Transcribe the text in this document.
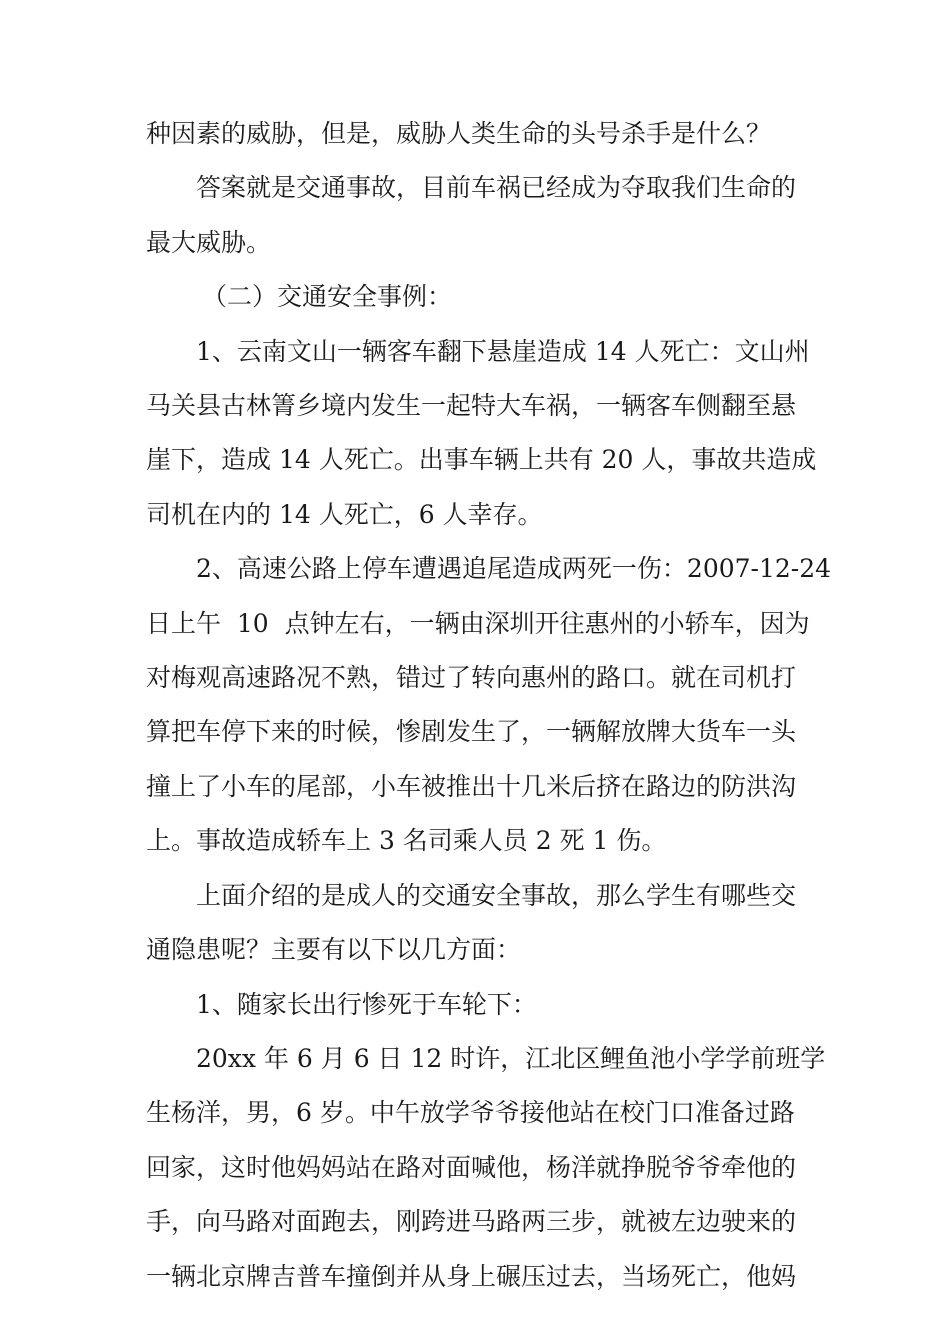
种因素的威胁，但是，威胁人类生命的头号杀手是什么？

答案就是交通事故，目前车祸已经成为夺取我们生命的
最大威胁。

（二）交通安全事例：

1、云南文山一辆客车翻下悬崖造成 14 人死亡：文山州
马关县古林箐乡境内发生一起特大车祸，一辆客车侧翻至悬
崖下，造成 14 人死亡。出事车辆上共有 20 人，事故共造成
司机在内的 14 人死亡，6 人幸存。

2、高速公路上停车遭遇追尾造成两死一伤：2007-12-24
日上午  10  点钟左右，一辆由深圳开往惠州的小轿车，因为
对梅观高速路况不熟，错过了转向惠州的路口。就在司机打
算把车停下来的时候，惨剧发生了，一辆解放牌大货车一头
撞上了小车的尾部，小车被推出十几米后挤在路边的防洪沟
上。事故造成轿车上 3 名司乘人员 2 死 1 伤。

上面介绍的是成人的交通安全事故，那么学生有哪些交
通隐患呢？主要有以下以几方面：

1、随家长出行惨死于车轮下：

20xx 年 6 月 6 日 12 时许，江北区鲤鱼池小学学前班学
生杨洋，男，6 岁。中午放学爷爷接他站在校门口准备过路
回家，这时他妈妈站在路对面喊他，杨洋就挣脱爷爷牵他的
手，向马路对面跑去，刚跨进马路两三步，就被左边驶来的
一辆北京牌吉普车撞倒并从身上碾压过去，当场死亡，他妈
